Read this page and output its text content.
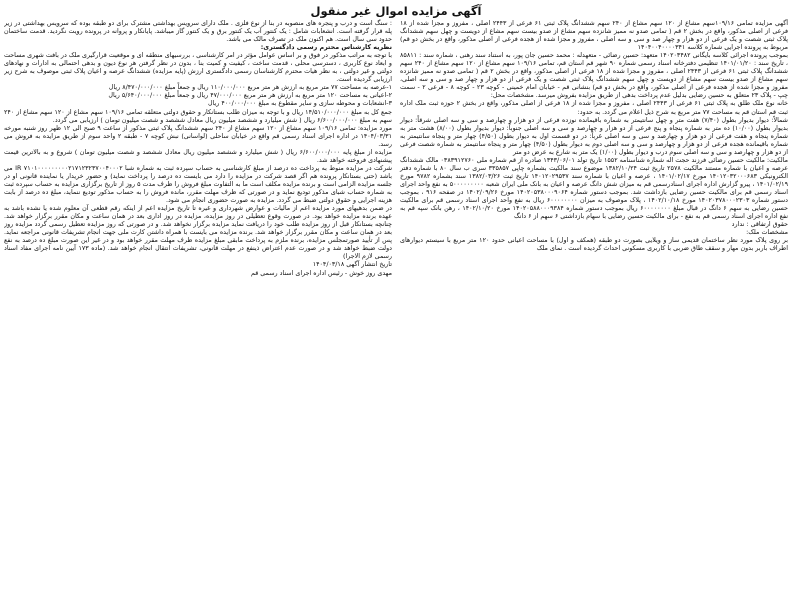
آگهی مزایده اموال غیر منقول

آگهی مزایده تمامی ۱۰۹/۱۶سهم مشاع از ۱۲۰ سهم مشاع از ۲۴۰ سهم ششدانگ پلاک ثبتی ۶۱ فرعی از ۲۴۴۳ اصلی ، مفروز و مجزا شده از ۱۸ فرعی از اصلی مذکور، واقع در بخش ۲ قم ( تمامی صدو نه ممیز شانزده سهم مشاع از صدو بیست سهم مشاع از دویست و چهل سهم ششدانگ پلاک ثبتی شصت و یک فرعی از دو هزار و چهار صد و سی و سه اصلی ، مفروز و مجزا شده از هجده فرعی از اصلی مذکور، واقع در بخش دو قم) مربوط به پرونده اجرایی شماره کلاسه ۱۴۰۴۰۰۴۰۰۰۰۳۴۱

بموجب پرونده اجرائی کلاسه بایگانی ۱۴۰۲۰۳۴۸۲ متعهد: حسین رضائی - متعهدله : محمد حسین جان پور، به استناد سند رهنی ، شماره سند : ۸۵۸۱۱ ، تاریخ سند : ۱۴۰۱/۰۱/۲۰ تنظیمی دفترخانه اسناد رسمی شماره ۹۰ شهر قم استان قم، تمامی ۱۰۹/۱۶ سهم مشاع از ۱۲۰ سهم مشاع از ۲۴۰ سهم ششدانگ پلاک ثبتی ۶۱ فرعی از ۲۴۴۳ اصلی ، مفروز و مجزا شده از ۱۸ فرعی از اصلی مذکور، واقع در بخش ۲ قم ( تمامی صدو نه ممیز شانزده سهم مشاع از صدو بیست سهم مشاع از دویست و چهل سهم ششدانگ پلاک ثبتی شصت و یک فرعی از دو هزار و چهار صد و سی و سه اصلی، مفروز و مجزا شده از هجده فرعی از اصلی مذکور، واقع در بخش دو قم) بنشانی قم - خیابان امام خمینی - کوچه ۲۳ - کوچه ۸ - فرعی ۲ - سمت چپ - پلاک ۲۳ متعلق به حسین رضایی بدلیل عدم پرداخت بدهی از طریق مزایده بفروش میرسد. مشخصات محل:

خانه نوع ملک طلق به پلاک ثبتی ۶۱ فرعی از ۲۴۴۳ اصلی ، مفروز و مجزا شده از ۱۸ فرعی از اصلی مذکور، واقع در بخش ۲ حوزه ثبت ملک اداره ثبت قم استان قم به مساحت ۷۷ متر مربع به شرح ذیل اعلام می گردد. به حدود:

شمالاً: دیوار بدیوار بطول (۷/۴۰) هفت متر و چهل سانتیمتر به شماره باقیمانده نوزده فرعی از دو هزار و چهارصد و سی و سه اصلی شرقاً: دیوار بدیوار بطول (۱۰/۰۰) ده متر به شماره پنجاه و پنج فرعی از دو هزار و چهارصد و سی و سه اصلی جنوباً: دیوار بدیوار بطول (۸/۰۰) هشت متر به شماره پنجاه و هفت فرعی از دو هزار و چهارصد و سی و سه اصلی غرباً: در دو قسمت اول به دیوار بطول (۴/۵۰) چهار متر و پنجاه سانتیمتر به شماره باقیمانده هجده فرعی از دو هزار و چهارصد و سی و سه اصلی دوم به دیوار بطول (۴/۵۰) چهار متر و پنجاه سانتیمتر به شماره شصت فرعی از دو هزار و چهارصد و سی و سه اصلی سوم درب و دیوار بطول (۱/۰۰) یک متر به شارع به عرض دو متر

مالکیت: مالکیت حسین رضائی فرزند حجت اله شماره شناسنامه ۱۵۵۲ تاریخ تولد ۱۳۴۳/۰۶/۰۱ صادره از قم شماره ملی ۰۳۸۳۹۱۲۷۶۰ مالک ششدانگ عرصه و اعیان با شماره مستند مالکیت ۲۵۷۸ تاریخ ثبت ۱۳۸۲/۱۰/۲۴ موضوع سند مالکیت بشماره چاپی ۳۳۵۸۵۷ سری ب سال ۸۰ با شماره دفتر الکترونیکی ۱۴۰۱۲۰۳۲۰۰۰۶۸۳ مورخ ۱۴۰۱/۰۲/۱۷ ، عرصه و اعیان با شماره سند ۱۴۰۱۲۰۲۹۵۳۷ تاریخ ثبت ۱۳۸۲/۰۳/۲۶ سند بشماره ۹۷۸۲ مورخ ۱۴۰۱/۰۲/۱۹ ، پیرو گزارش اداره اجرای اسنادرسمی قم به میزان شش دانگ عرصه و اعیان به بانک ملی ایران شعبه ۵۰۰۰۰۰۰۰۰۰ به نفع واحد اجرای اسناد رسمی قم برای مالکیت حسین رضایی بازداشت شد. بموجب دستور شماره ۱۴۰۲۰۵۳۸۰۰۰۹۰۶۴ مورخ ۱۴۰۲/۰۹/۲۶ در صفحه ۹۱۶ ، بموجب دستور شماره ۱۴۰۲۰۳۷۸۰۰۰۲۳۰۳ مورخ ۱۴۰۲/۱۰/۱۸ ، پلاک موصوف به میزان ۶۰۰۰۰۰۰۰۰ ریال به نفع واحد اجرای اسناد رسمی قم برای مالکیت حسین رضایی به سهم ۶ دانگ در قبال مبلغ ۶۰۰۰۰۰۰۰۰ ریال بموجب دستور شماره ۱۴۰۲۰۵۸۸۰۰۰۹۳۸۴ مورخ ۱۴۰۲/۱۰/۲۰ ، رهن بانک سپه قم به نفع اداره اجرای اسناد رسمی قم به نفع - برای مالکیت حسین رضایی با سهام بازداشتی ۶ سهم از ۶ دانگ

حقوق ارتفاقی : ندارد

مشخصات ملک:

بر روی پلاک مورد نظر ساختمان قدیمی ساز و ویلایی بصورت دو طبقه (همکف و اول) با مساحت اعیانی حدود ۱۲۰ متر مربع با سیستم دیوارهای اطراف باربر بدون مهار و سقف طاق ضربی با کاربری مسکونی احداث گردیده است . نمای ملک

: سنگ است و درب و پنجره های منصوبه در بنا از نوع فلزی . ملک دارای سرویس بهداشتی مشترک برای دو طبقه بوده که سرویس بهداشتی در زیر پله قرار گرفته است. انشعابات شامل : یک کنتور آب یک کنتور برق و یک کنتور گاز میباشد. پایانکار و پروانه در پرونده رویت نگردید. قدمت ساختمان حدود سی سال است. هم اکنون ملک در تصرف مالک می باشد.

نظریه کارشناس محترم رسمی دادگستری:

با توجه به مراتب مذکور در فوق و بر اساس عوامل مؤثر در امر کارشناسی ، بررسیهای منطقه ای و موقعیت قرارگیری ملک در بافت شهری مساحت و ابعاد نوع کاربری ، دسترسی محلی ، قدمت ساخت ، کیفیت و کمیت بنا ، بدون در نظر گرفتن هر نوع دیون و بدهی احتمالی به ادارات و نهادهای دولتی و غیر دولتی ، به نظر هیات محترم کارشناسان رسمی دادگستری ارزش (پایه مزایده) ششدانگ عرصه و اعیان پلاک ثبتی موصوف به شرح زیر ارزیابی گردیده است.

۱-عرصه به مساحت ۷۷ متر مربع به ارزش هر متر مربع ۱۱۰/۰۰۰/۰۰۰ ریال و جمعاً مبلغ ۸/۴۷۰/۰۰۰/۰۰۰ ریال

۲-اعیانی به مساحت ۱۲۰ متر مربع به ارزش هر متر مربع ۴۷/۰۰۰/۰۰۰ ریال و جمعاً مبلغ ۵/۶۴۰/۰۰۰/۰۰۰ ریال

۳-انشعابات و محوطه سازی و سایر مقطوع به مبلغ ۴۰۰/۰۰۰/۰۰۰ ریال

جمع کل به مبلغ ۱۴/۵۱۰/۰۰۰/۰۰۰ ریال و با توجه به میزان طلب بستانکار و حقوق دولتی متعلقه تمامی ۱۰۹/۱۶ سهم مشاع از ۱۲۰ سهم مشاع از ۲۴۰ سهم به مبلغ ۶/۶۰۰/۰۰۰/۰۰۰ ریال ( شش میلیارد و ششصد میلیون ریال معادل ششصد و شصت میلیون تومان ) ارزیابی می گردد.

مورد مزایده: تمامی ۱۰۹/۱۶ سهم مشاع از ۱۲۰ سهم مشاع از ۲۴۰ سهم ششدانگ پلاک ثبتی مذکور از ساعت ۹ صبح الی ۱۲ ظهر روز شنبه مورخه ۱۴۰۴/۰۳/۳۱ در اداره اجرای اسناد رسمی قم واقع در خیابان ساحلی (لواسانی) نبش کوچه ۷ - طبقه ۲ واحد سوم از طریق مزایده به فروش می رسد.

مزایده از مبلغ پایه ۶/۶۰۰/۰۰۰/۰۰۰ ریال ( شش میلیارد و ششصد میلیون ریال معادل ششصد و شصت میلیون تومان ) شروع و به بالاترین قیمت پیشنهادی فروخته خواهد شد.

شرکت در مزایده منوط به پرداخت ده درصد از مبلغ کارشناسی به حساب سپرده ثبت به شماره شبا IR ۷۱۰۱۰۰۰۰۰۰۰۰۰۲۱۷۱۲۳۲۳۷۰۰۴۰۰۰۲ می باشد (حتی بستانکار پرونده هم اگر قصد شرکت در مزایده را دارد می بایست ده درصد را پرداخت نماید) و حضور خریدار یا نماینده قانونی او در جلسه مزایده الزامی است و برنده مزایده مکلف است ما به التفاوت مبلغ فروش را ظرف مدت ۵ روز از تاریخ برگزاری مزایده به حساب سپرده ثبت به شماره حساب شبای مذکور تودیع نماید و در صورتی که ظرف مهلت مقرر، مانده فروش را به حساب مذکور تودیع ننماید، مبلغ ده درصد از بابت هزینه اجرایی و حقوق دولتی ضبط می گردد. مزایده به صورت حضوری انجام می شود.

در ضمن بدهیهای مورد مزایده اعم از مالیات و عوارض شهرداری و غیره تا تاریخ مزایده اعم از اینکه رقم قطعی آن معلوم شده یا نشده باشد به عهده برنده مزایده خواهد بود. در صورت وقوع تعطیلی در روز مزایده، مزایده در روز اداری بعد در همان ساعت و مکان مقرر برگزار خواهد شد. چنانچه بستانکار قبل از روز مزایده طلب خود را دریافت نماید مزایده برگزار نخواهد شد. و در صورتی که روز مزایده تعطیل رسمی گردد مزایده روز بعد در همان ساعت و مکان مقرر برگزار خواهد شد. برنده مزایده می بایست با همراه داشتن کارت ملی جهت انجام تشریفات قانونی مراجعه نماید. پس از تأیید صورتمجلس مزایده، برنده ملزم به پرداخت مابقی مبلغ مزایده ظرف مهلت مقرر خواهد بود و در غیر این صورت مبلغ ده درصد به نفع دولت ضبط خواهد شد و در صورت عدم اعتراض ذینفع در مهلت قانونی، تشریفات انتقال انجام خواهد شد. (ماده ۱۷۳ آیین نامه اجرای مفاد اسناد رسمی لازم الاجرا)

تاریخ انتشار آگهی ۱۴۰۴/۰۳/۱۸

مهدی روز خوش - رئیس اداره اجرای اسناد رسمی قم
